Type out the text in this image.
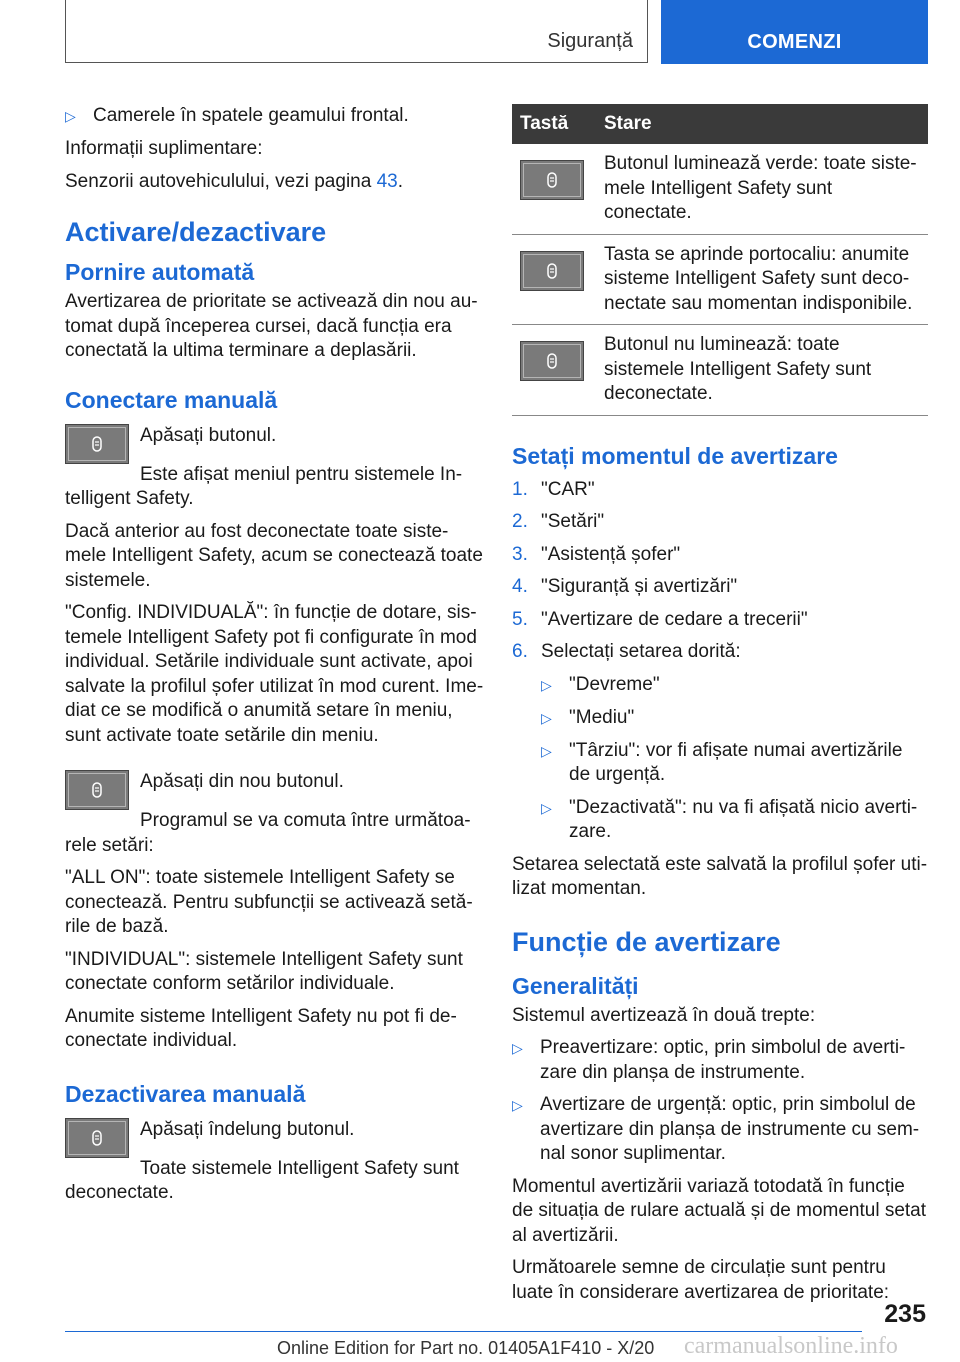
Siguranță	COMENZI
▷ Camerele în spatele geamului frontal.

Informații suplimentare:

Senzorii autovehiculului, vezi pagina 43.

Activare/dezactivare
Pornire automată

Avertizarea de prioritate se activează din nou au-tomat după începerea cursei, dacă funcția era conectată la ultima terminare a deplasării.

Conectare manuală

Apăsați butonul.

Este afișat meniul pentru sistemele In-telligent Safety.

Dacă anterior au fost deconectate toate siste-mele Intelligent Safety, acum se conectează toate sistemele.

"Config. INDIVIDUALĂ": în funcție de dotare, sis-temele Intelligent Safety pot fi configurate în mod individual. Setările individuale sunt activate, apoi salvate la profilul șofer utilizat în mod curent. Ime-diat ce se modifică o anumită setare în meniu, sunt activate toate setările din meniu.

Apăsați din nou butonul.

Programul se va comuta între următoa-rele setări:

"ALL ON": toate sistemele Intelligent Safety se conectează. Pentru subfuncții se activează setă-rile de bază.

"INDIVIDUAL": sistemele Intelligent Safety sunt conectate conform setărilor individuale.

Anumite sisteme Intelligent Safety nu pot fi de-conectate individual.

Dezactivarea manuală

Apăsați îndelung butonul.

Toate sistemele Intelligent Safety sunt deconectate.

Tastă	Stare

	Butonul luminează verde: toate siste-mele Intelligent Safety sunt conectate.

	Tasta se aprinde portocaliu: anumite sisteme Intelligent Safety sunt deco-nectate sau momentan indisponibile.

	Butonul nu luminează: toate sistemele Intelligent Safety sunt deconectate.
Setați momentul de avertizare
1. "CAR"
2. "Setări"
3. "Asistență șofer"
4. "Siguranță și avertizări"
5. "Avertizare de cedare a trecerii"
6. Selectați setarea dorită:
▷ "Devreme"
▷ "Mediu"
▷ "Târziu": vor fi afișate numai avertizările de urgență.
▷ "Dezactivată": nu va fi afișată nicio averti-zare.

Setarea selectată este salvată la profilul șofer uti-lizat momentan.

Funcție de avertizare
Generalități

Sistemul avertizează în două trepte:

▷ Preavertizare: optic, prin simbolul de averti-zare din planșa de instrumente.
▷ Avertizare de urgență: optic, prin simbolul de avertizare din planșa de instrumente cu sem-nal sonor suplimentar.

Momentul avertizării variază totodată în funcție de situația de rulare actuală și de momentul setat al avertizării.

Următoarele semne de circulație sunt pentru luate în considerare avertizarea de prioritate:

235
Online Edition for Part no. 01405A1F410 - X/20 carmanualsonline.info
